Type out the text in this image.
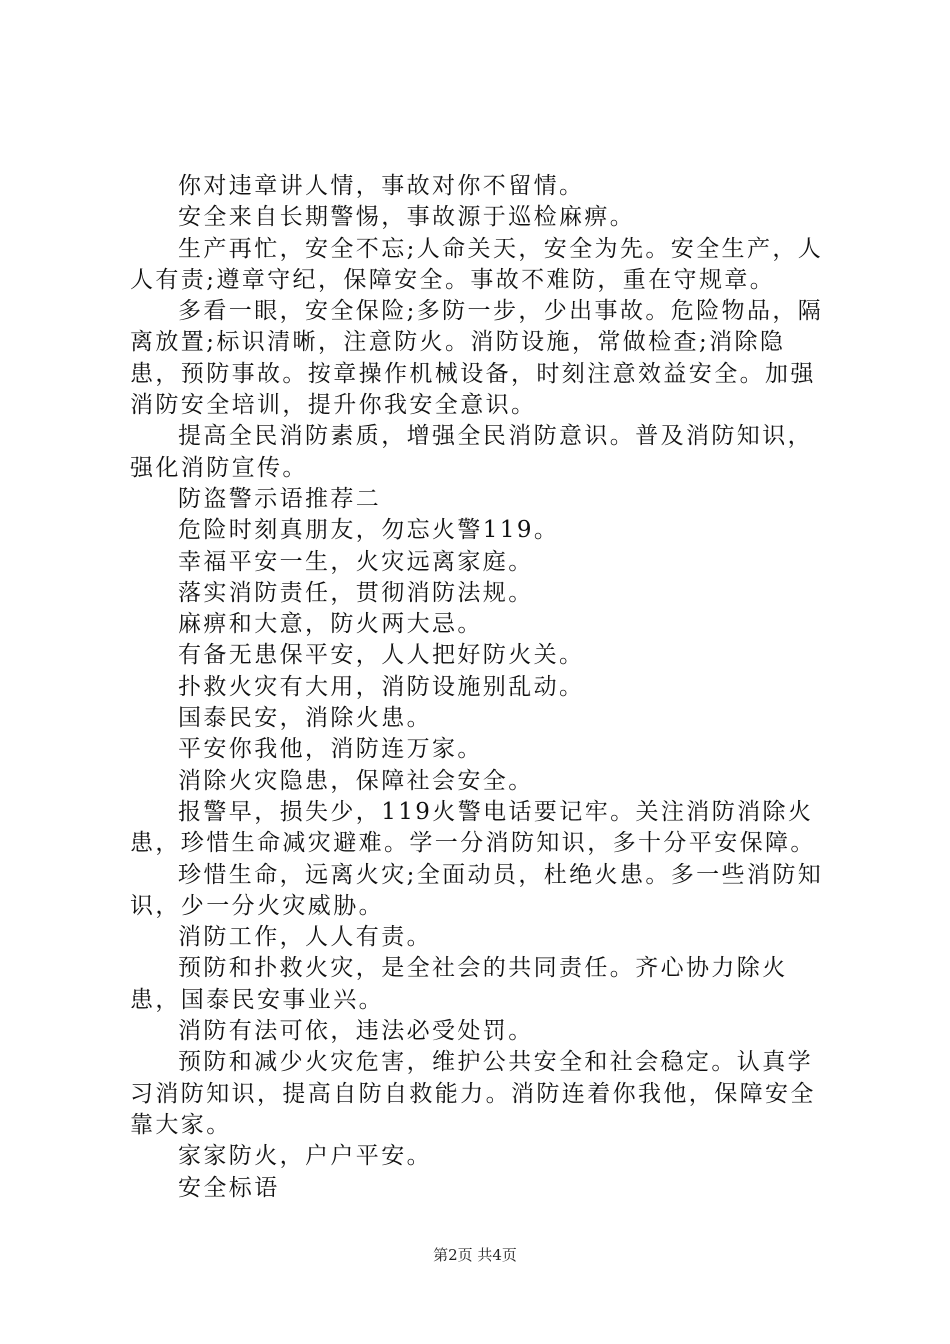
你对违章讲人情，事故对你不留情。

安全来自长期警惕，事故源于巡检麻痹。

生产再忙，安全不忘;人命关天，安全为先。安全生产，人人有责;遵章守纪，保障安全。事故不难防，重在守规章。

多看一眼，安全保险;多防一步，少出事故。危险物品，隔离放置;标识清晰，注意防火。消防设施，常做检查;消除隐患，预防事故。按章操作机械设备，时刻注意效益安全。加强消防安全培训，提升你我安全意识。

提高全民消防素质，增强全民消防意识。普及消防知识，强化消防宣传。

防盗警示语推荐二

危险时刻真朋友，勿忘火警119。

幸福平安一生，火灾远离家庭。

落实消防责任，贯彻消防法规。

麻痹和大意，防火两大忌。

有备无患保平安，人人把好防火关。

扑救火灾有大用，消防设施别乱动。

国泰民安，消除火患。

平安你我他，消防连万家。

消除火灾隐患，保障社会安全。

报警早，损失少，119火警电话要记牢。关注消防消除火患，珍惜生命减灾避难。学一分消防知识，多十分平安保障。

珍惜生命，远离火灾;全面动员，杜绝火患。多一些消防知识，少一分火灾威胁。

消防工作，人人有责。

预防和扑救火灾，是全社会的共同责任。齐心协力除火患，国泰民安事业兴。

消防有法可依，违法必受处罚。

预防和减少火灾危害，维护公共安全和社会稳定。认真学习消防知识，提高自防自救能力。消防连着你我他，保障安全靠大家。

家家防火，户户平安。

安全标语

第2页 共4页
